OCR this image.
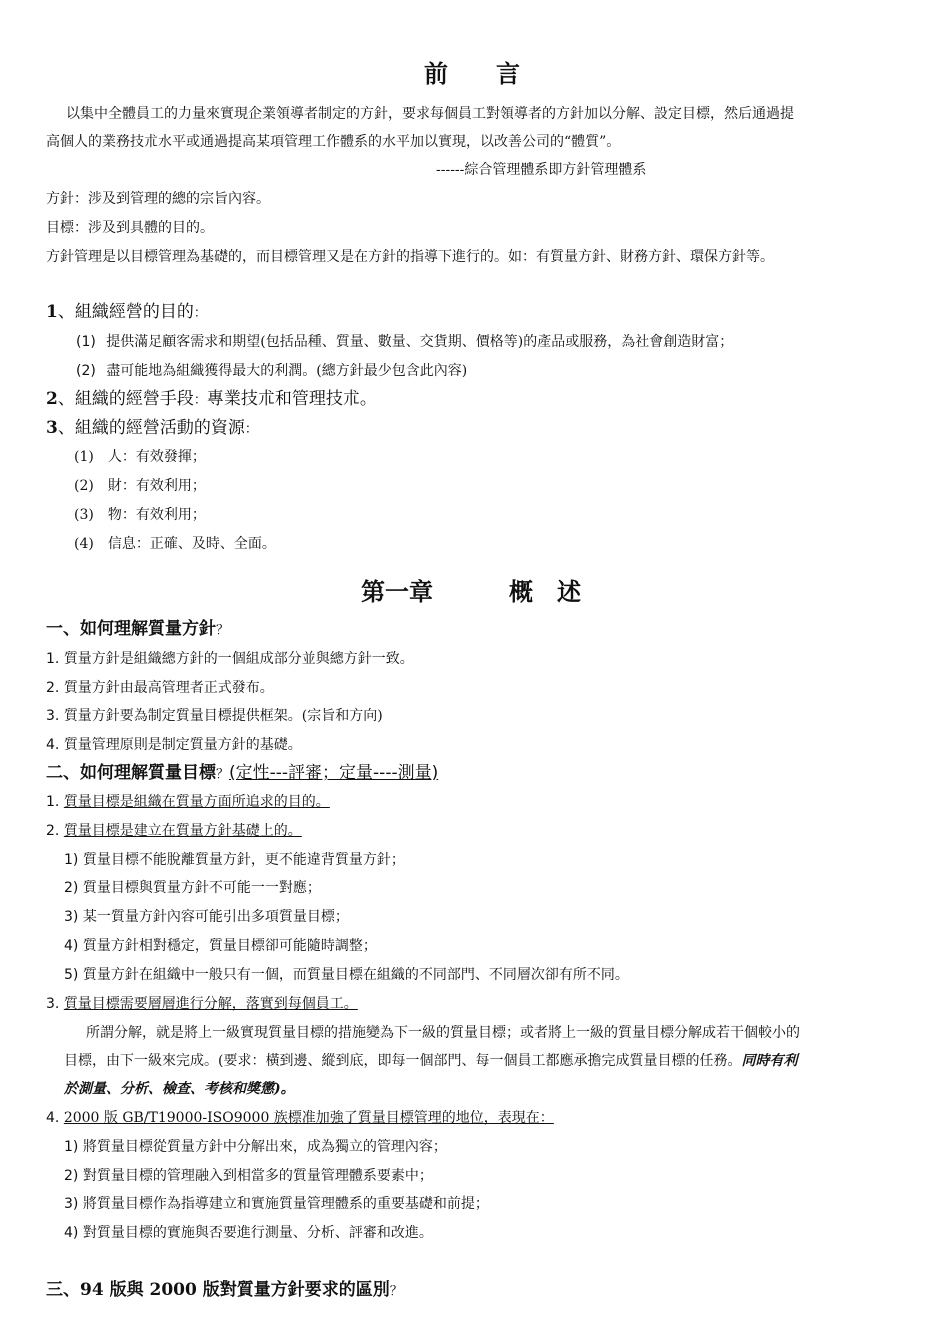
前 言
以集中全體員工的力量來實現企業領導者制定的方針，要求每個員工對領導者的方針加以分解、設定目標，然后通過提
高個人的業務技朮水平或通過提高某項管理工作體系的水平加以實現，以改善公司的“體質”。
------綜合管理體系即方針管理體系
方針：涉及到管理的總的宗旨內容。
目標：涉及到具體的目的。
方針管理是以目標管理為基礎的，而目標管理又是在方針的指導下進行的。如：有質量方針、財務方針、環保方針等。
1、組織經營的目的：
(1) 提供滿足顧客需求和期望(包括品種、質量、數量、交貨期、價格等)的產品或服務，為社會創造財富；
(2) 盡可能地為組織獲得最大的利潤。(總方針最少包含此內容)
2、組織的經營手段：專業技朮和管理技朮。
3、組織的經營活動的資源：
(1) 人：有效發揮；
(2) 財：有效利用；
(3) 物：有效利用；
(4) 信息：正確、及時、全面。
第一章	概　述
一、如何理解質量方針？
1. 質量方針是組織總方針的一個組成部分並與總方針一致。
2. 質量方針由最高管理者正式發布。
3. 質量方針要為制定質量目標提供框架。(宗旨和方向)
4. 質量管理原則是制定質量方針的基礎。
二、如何理解質量目標？(定性---評審；定量----測量)
1. 質量目標是組織在質量方面所追求的目的。
2. 質量目標是建立在質量方針基礎上的。
1) 質量目標不能脫離質量方針，更不能違背質量方針；
2) 質量目標與質量方針不可能一一對應；
3) 某一質量方針內容可能引出多項質量目標；
4) 質量方針相對穩定，質量目標卻可能隨時調整；
5) 質量方針在組織中一般只有一個，而質量目標在組織的不同部門、不同層次卻有所不同。
3. 質量目標需要層層進行分解，落實到每個員工。
所謂分解，就是將上一級實現質量目標的措施變為下一級的質量目標；或者將上一級的質量目標分解成若干個較小的
目標，由下一級來完成。(要求：橫到邊、縱到底，即每一個部門、每一個員工都應承擔完成質量目標的任務。同時有利
於測量、分析、檢查、考核和獎懲)。
4. 2000 版 GB/T19000-ISO9000 族標准加強了質量目標管理的地位，表現在：
1) 將質量目標從質量方針中分解出來，成為獨立的管理內容；
2) 對質量目標的管理融入到相當多的質量管理體系要素中；
3) 將質量目標作為指導建立和實施質量管理體系的重要基礎和前提；
4) 對質量目標的實施與否要進行測量、分析、評審和改進。
三、94 版與 2000 版對質量方針要求的區別？
